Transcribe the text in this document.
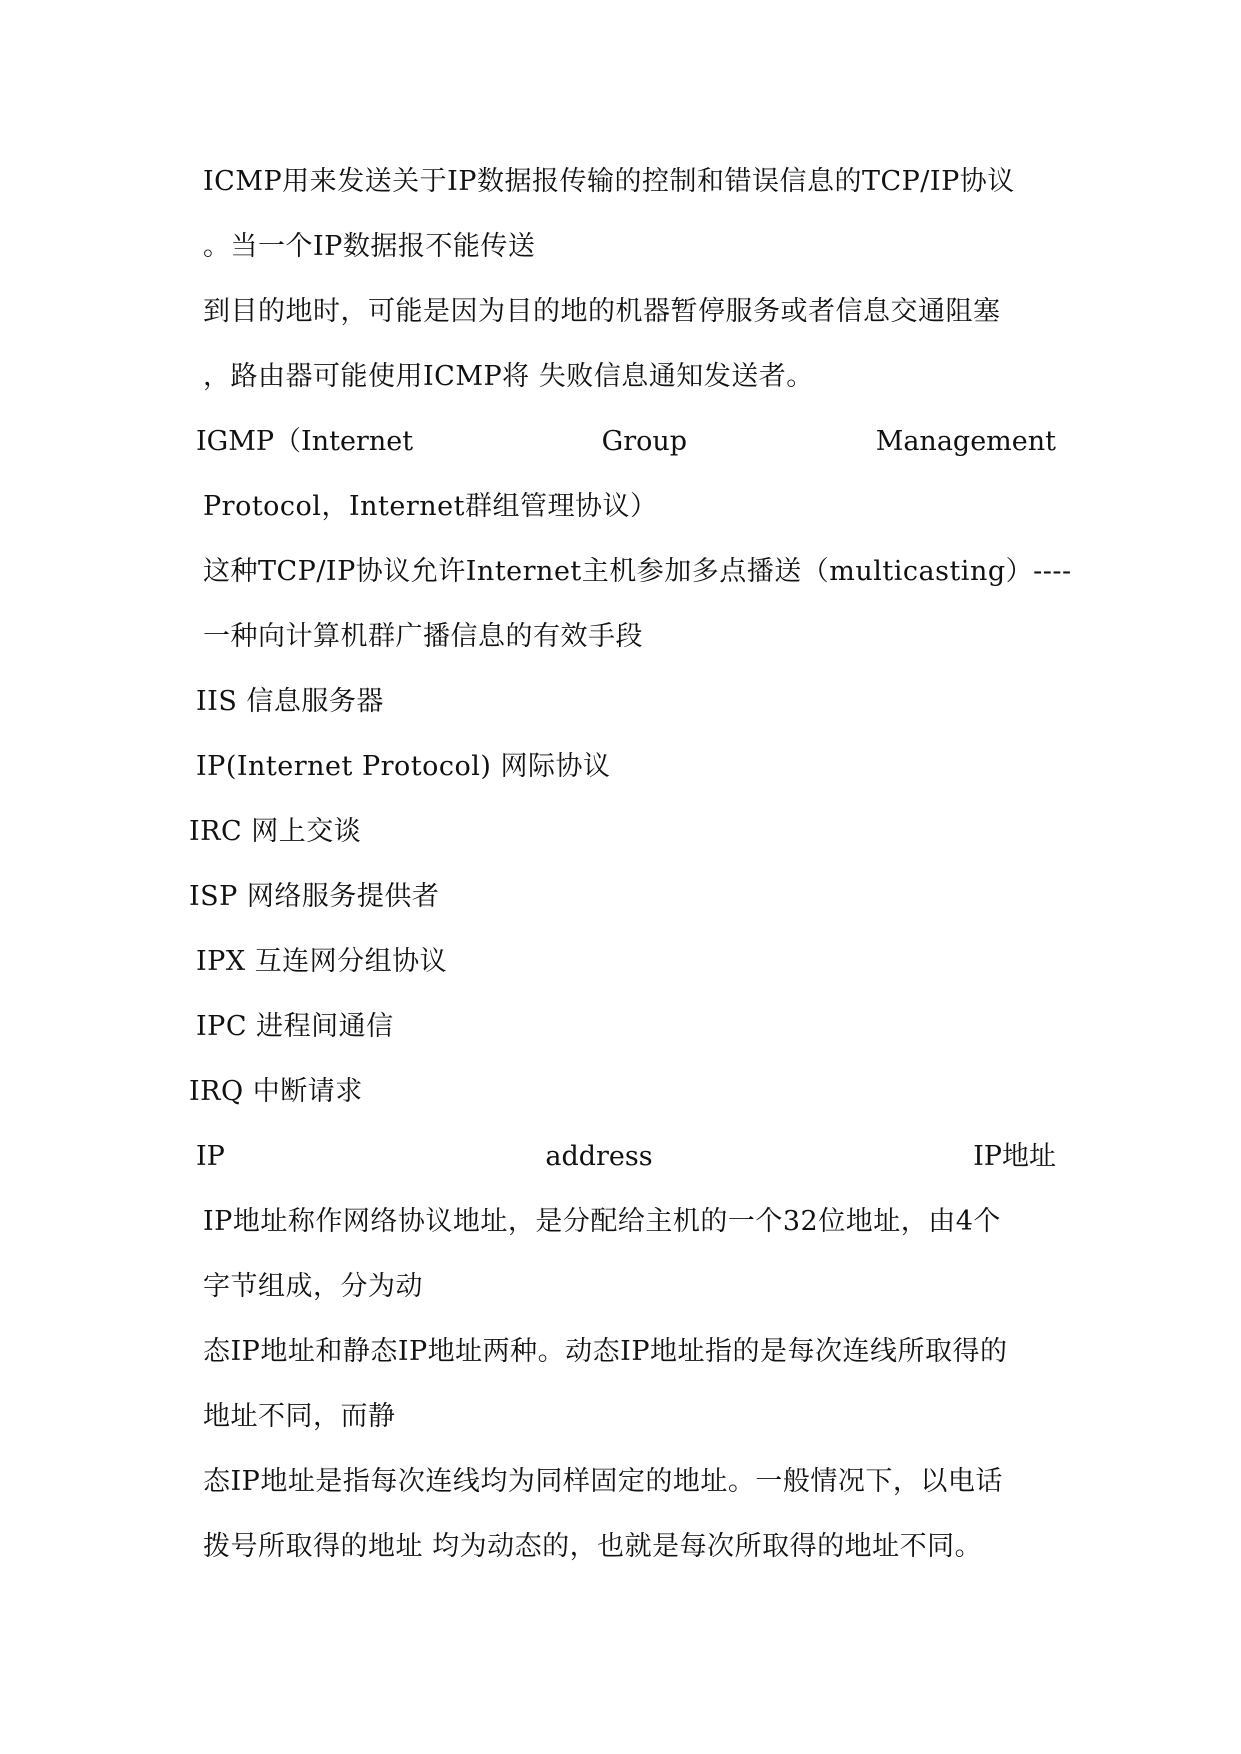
ICMP用来发送关于IP数据报传输的控制和错误信息的TCP/IP协议
。当一个IP数据报不能传送
到目的地时，可能是因为目的地的机器暂停服务或者信息交通阻塞
，路由器可能使用ICMP将 失败信息通知发送者。
IGMP（Internet	Group	Management
Protocol，Internet群组管理协议）
这种TCP/IP协议允许Internet主机参加多点播送（multicasting）----
一种向计算机群广播信息的有效手段
IIS 信息服务器
IP(Internet Protocol) 网际协议
IRC 网上交谈
ISP 网络服务提供者
IPX 互连网分组协议
IPC 进程间通信
IRQ 中断请求
IP	address	IP地址
IP地址称作网络协议地址，是分配给主机的一个32位地址，由4个
字节组成，分为动
态IP地址和静态IP地址两种。动态IP地址指的是每次连线所取得的
地址不同，而静
态IP地址是指每次连线均为同样固定的地址。一般情况下，以电话
拨号所取得的地址 均为动态的，也就是每次所取得的地址不同。
